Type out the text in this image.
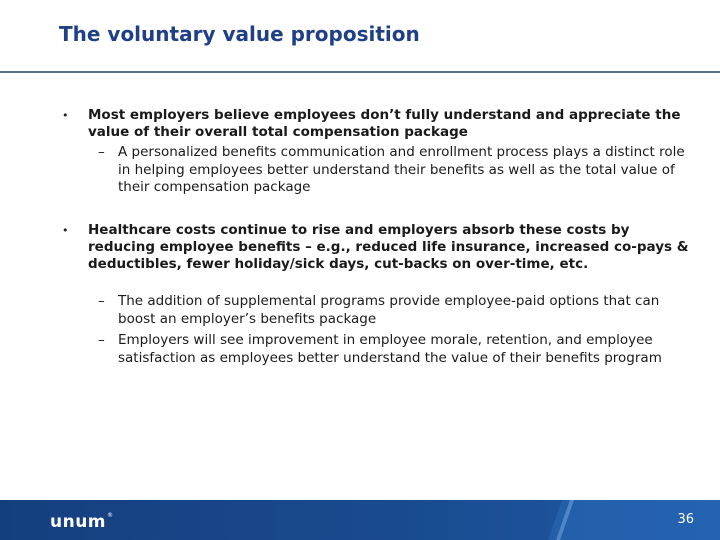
The voluntary value proposition
• Most employers believe employees don’t fully understand and appreciate the value of their overall total compensation package

– A personalized benefits communication and enrollment process plays a distinct role in helping employees better understand their benefits as well as the total value of their compensation package
• Healthcare costs continue to rise and employers absorb these costs by reducing employee benefits – e.g., reduced life insurance, increased co-pays & deductibles, fewer holiday/sick days, cut-backs on over-time, etc.

– The addition of supplemental programs provide employee-paid options that can boost an employer’s benefits package
– Employers will see improvement in employee morale, retention, and employee satisfaction as employees better understand the value of their benefits program
unum®	36
